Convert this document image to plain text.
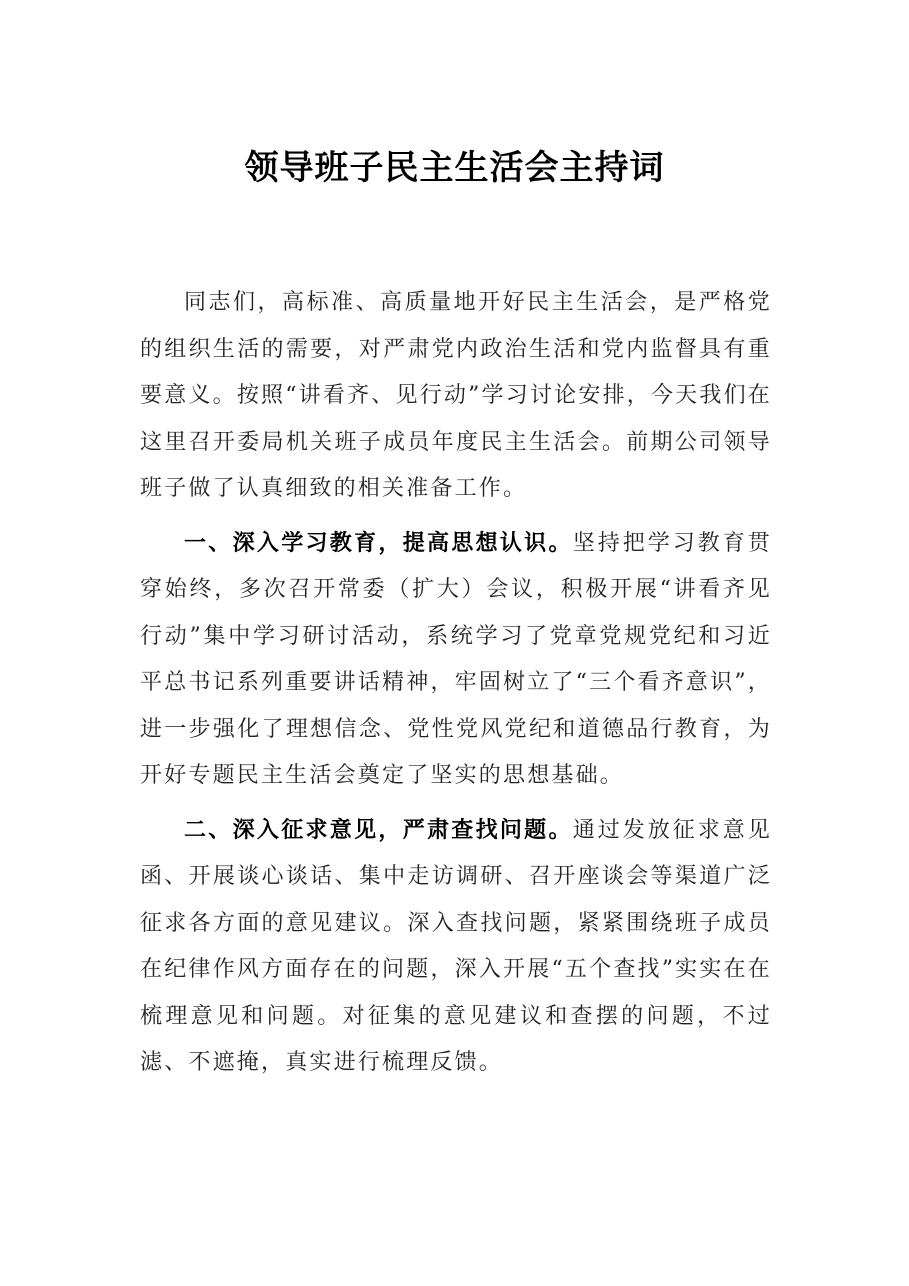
领导班子民主生活会主持词

同志们，高标准、高质量地开好民主生活会，是严格党的组织生活的需要，对严肃党内政治生活和党内监督具有重要意义。按照“讲看齐、见行动”学习讨论安排，今天我们在这里召开委局机关班子成员年度民主生活会。前期公司领导班子做了认真细致的相关准备工作。

一、深入学习教育，提高思想认识。坚持把学习教育贯穿始终，多次召开常委（扩大）会议，积极开展“讲看齐见行动”集中学习研讨活动，系统学习了党章党规党纪和习近平总书记系列重要讲话精神，牢固树立了“三个看齐意识”，进一步强化了理想信念、党性党风党纪和道德品行教育，为开好专题民主生活会奠定了坚实的思想基础。

二、深入征求意见，严肃查找问题。通过发放征求意见函、开展谈心谈话、集中走访调研、召开座谈会等渠道广泛征求各方面的意见建议。深入查找问题，紧紧围绕班子成员在纪律作风方面存在的问题，深入开展“五个查找”实实在在梳理意见和问题。对征集的意见建议和查摆的问题，不过滤、不遮掩，真实进行梳理反馈。
